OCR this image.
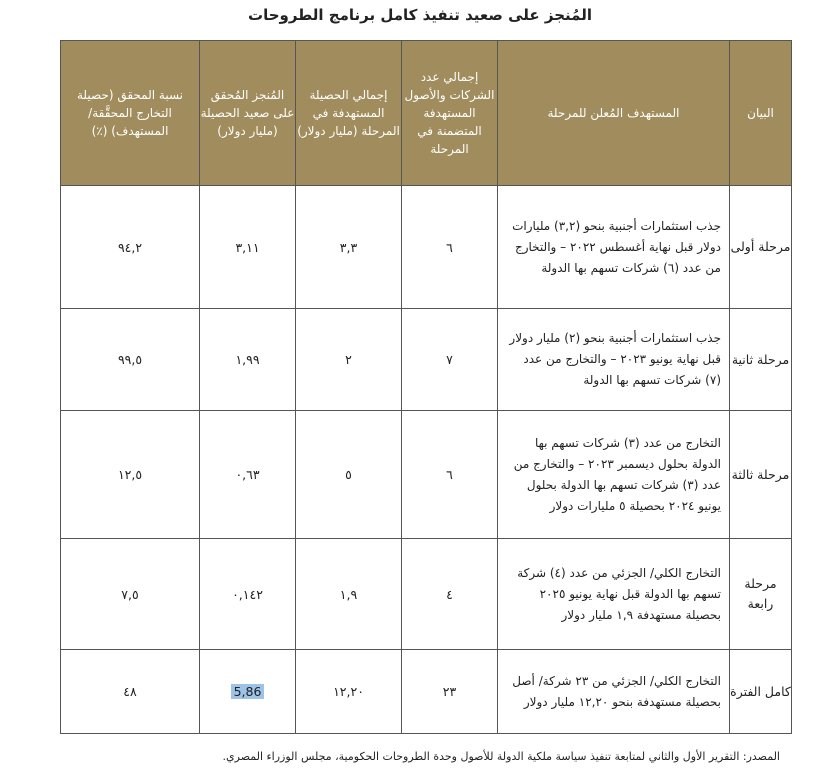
المُنجز على صعيد تنفيذ كامل برنامج الطروحات
البيان	المستهدف المُعلن للمرحلة	إجمالي عدد الشركات والأصول المستهدفة المتضمنة في المرحلة	إجمالي الحصيلة المستهدفة في المرحلة (مليار دولار)	المُنجز المُحقق على صعيد الحصيلة (مليار دولار)	نسبة المحقق (حصيلة التخارج المحقَّقة/ المستهدف) (٪)
مرحلة أولى	جذب استثمارات أجنبية بنحو (٣,٢) مليارات دولار قبل نهاية أغسطس ٢٠٢٢ – والتخارج من عدد (٦) شركات تسهم بها الدولة	٦	٣,٣	٣,١١	٩٤,٢
مرحلة ثانية	جذب استثمارات أجنبية بنحو (٢) مليار دولار قبل نهاية يونيو ٢٠٢٣ – والتخارج من عدد (٧) شركات تسهم بها الدولة	٧	٢	١,٩٩	٩٩,٥
مرحلة ثالثة	التخارج من عدد (٣) شركات تسهم بها الدولة بحلول ديسمبر ٢٠٢٣ – والتخارج من عدد (٣) شركات تسهم بها الدولة بحلول يونيو ٢٠٢٤ بحصيلة ٥ مليارات دولار	٦	٥	٠,٦٣	١٢,٥
مرحلة رابعة	التخارج الكلي/ الجزئي من عدد (٤) شركة تسهم بها الدولة قبل نهاية يونيو ٢٠٢٥ بحصيلة مستهدفة ١,٩ مليار دولار	٤	١,٩	٠,١٤٢	٧,٥
كامل الفترة	التخارج الكلي/ الجزئي من ٢٣ شركة/ أصل بحصيلة مستهدفة بنحو ١٢,٢٠ مليار دولار	٢٣	١٢,٢٠	5,86	٤٨
المصدر: التقرير الأول والثاني لمتابعة تنفيذ سياسة ملكية الدولة للأصول وحدة الطروحات الحكومية، مجلس الوزراء المصري.
